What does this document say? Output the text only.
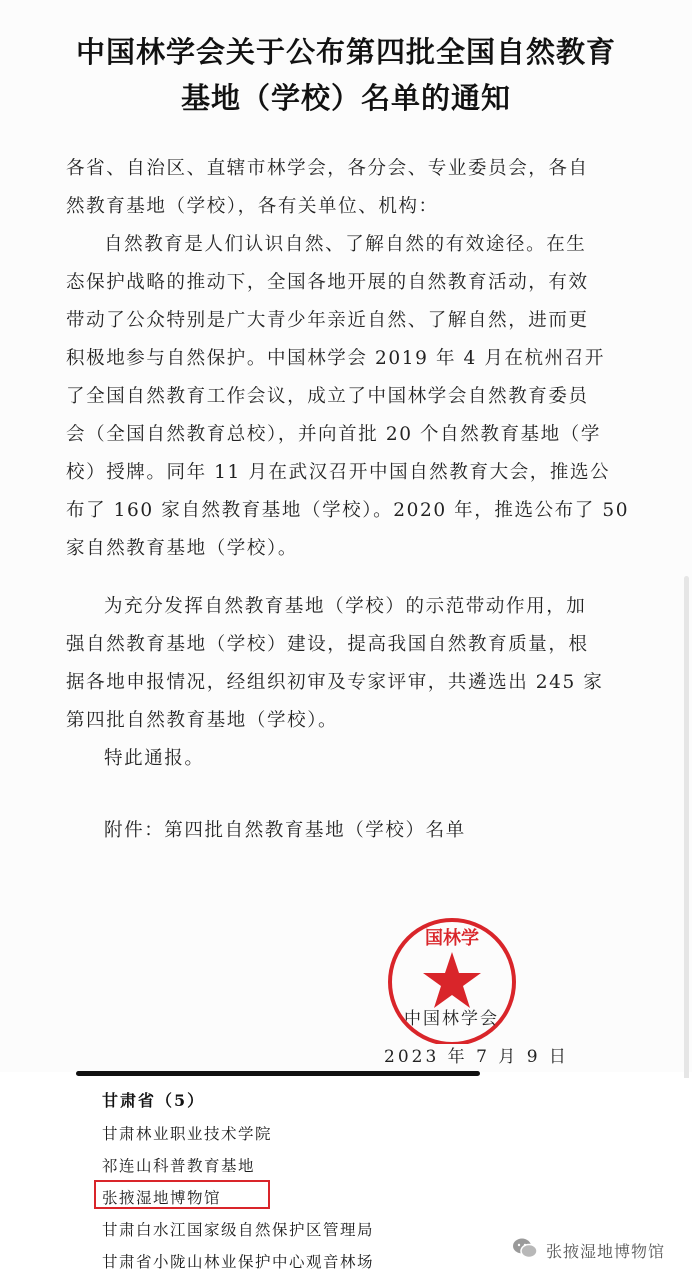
中国林学会关于公布第四批全国自然教育
基地（学校）名单的通知
各省、自治区、直辖市林学会，各分会、专业委员会，各自
然教育基地（学校），各有关单位、机构：
自然教育是人们认识自然、了解自然的有效途径。在生
态保护战略的推动下，全国各地开展的自然教育活动，有效
带动了公众特别是广大青少年亲近自然、了解自然，进而更
积极地参与自然保护。中国林学会 2019 年 4 月在杭州召开
了全国自然教育工作会议，成立了中国林学会自然教育委员
会（全国自然教育总校），并向首批 20 个自然教育基地（学
校）授牌。同年 11 月在武汉召开中国自然教育大会，推选公
布了 160 家自然教育基地（学校）。2020 年，推选公布了 50
家自然教育基地（学校）。
为充分发挥自然教育基地（学校）的示范带动作用，加
强自然教育基地（学校）建设，提高我国自然教育质量，根
据各地申报情况，经组织初审及专家评审，共遴选出 245 家
第四批自然教育基地（学校）。
特此通报。
附件：第四批自然教育基地（学校）名单
国林学
中国林学会
2023 年 7 月 9 日
甘肃省（5）
甘肃林业职业技术学院
祁连山科普教育基地
张掖湿地博物馆
甘肃白水江国家级自然保护区管理局
甘肃省小陇山林业保护中心观音林场
张掖湿地博物馆
